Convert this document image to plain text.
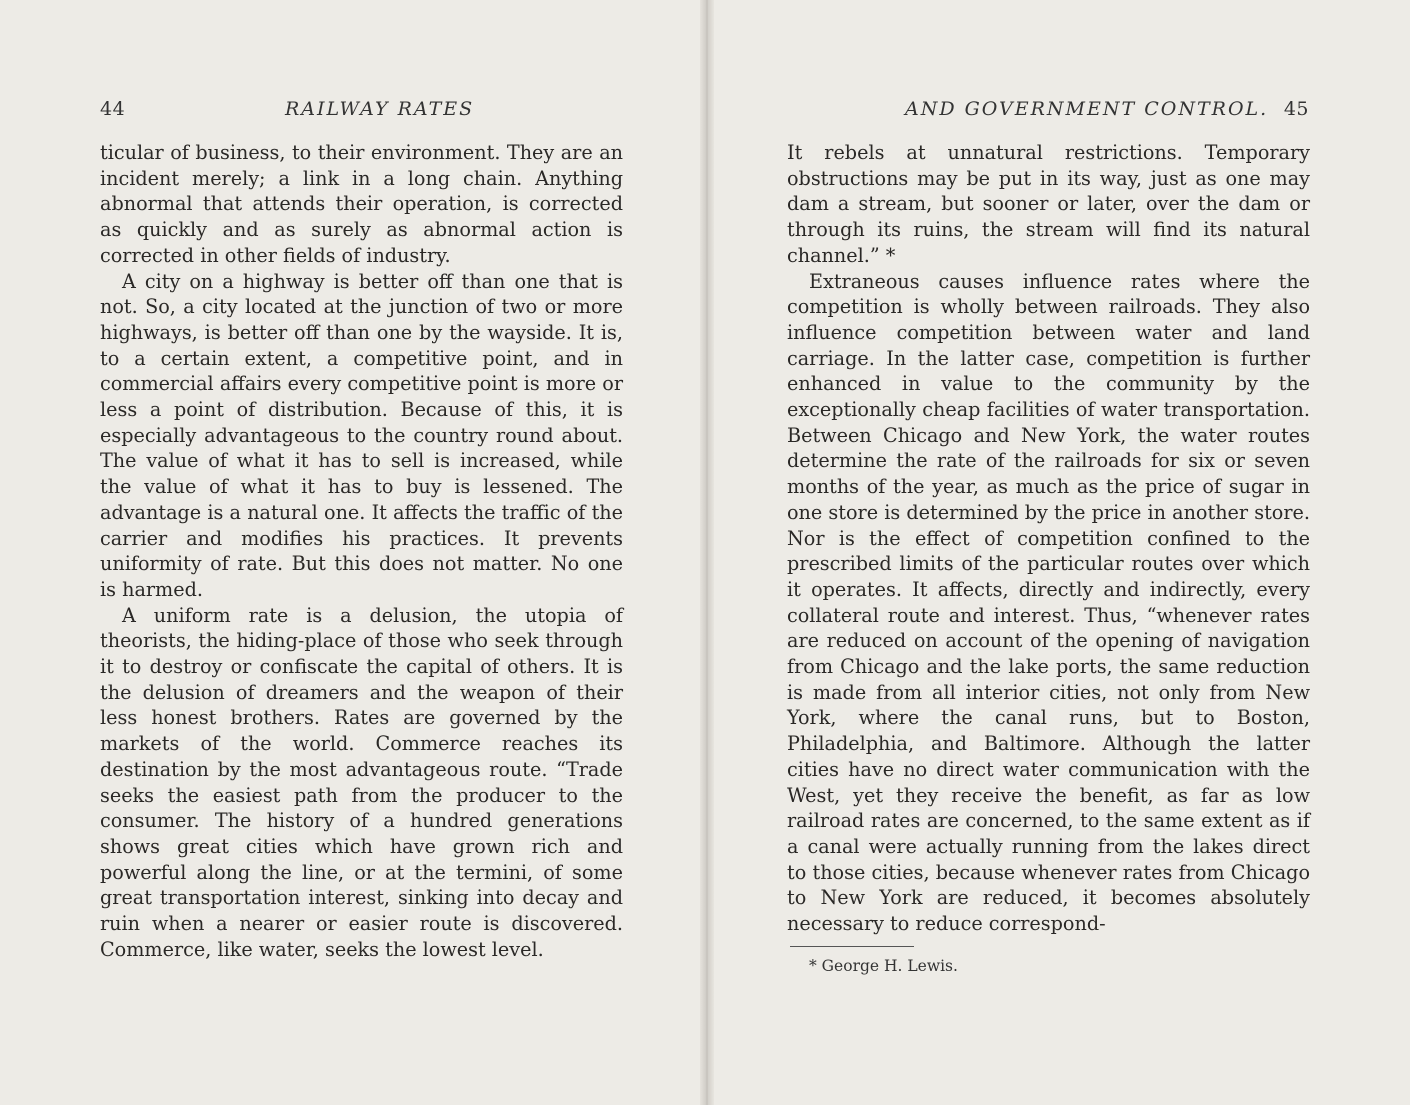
44	RAILWAY RATES

ticular of business, to their environment. They are an incident merely; a link in a long chain. Anything abnormal that attends their operation, is corrected as quickly and as surely as abnormal action is corrected in other fields of industry.

A city on a highway is better off than one that is not. So, a city located at the junction of two or more highways, is better off than one by the wayside. It is, to a certain extent, a competitive point, and in commercial affairs every competitive point is more or less a point of distribution. Because of this, it is especially advantageous to the country round about. The value of what it has to sell is increased, while the value of what it has to buy is lessened. The advantage is a natural one. It affects the traffic of the carrier and modifies his practices. It prevents uniformity of rate. But this does not matter. No one is harmed.

A uniform rate is a delusion, the utopia of theorists, the hiding-place of those who seek through it to destroy or confiscate the capital of others. It is the delusion of dreamers and the weapon of their less honest brothers. Rates are governed by the markets of the world. Commerce reaches its destination by the most advantageous route. “Trade seeks the easiest path from the producer to the consumer. The history of a hundred generations shows great cities which have grown rich and powerful along the line, or at the termini, of some great transportation interest, sinking into decay and ruin when a nearer or easier route is discovered. Commerce, like water, seeks the lowest level.

AND GOVERNMENT CONTROL. 45

It rebels at unnatural restrictions. Temporary obstructions may be put in its way, just as one may dam a stream, but sooner or later, over the dam or through its ruins, the stream will find its natural channel.” *

Extraneous causes influence rates where the competition is wholly between railroads. They also influence competition between water and land carriage. In the latter case, competition is further enhanced in value to the community by the exceptionally cheap facilities of water transportation. Between Chicago and New York, the water routes determine the rate of the railroads for six or seven months of the year, as much as the price of sugar in one store is determined by the price in another store. Nor is the effect of competition confined to the prescribed limits of the particular routes over which it operates. It affects, directly and indirectly, every collateral route and interest. Thus, “whenever rates are reduced on account of the opening of navigation from Chicago and the lake ports, the same reduction is made from all interior cities, not only from New York, where the canal runs, but to Boston, Philadelphia, and Baltimore. Although the latter cities have no direct water communication with the West, yet they receive the benefit, as far as low railroad rates are concerned, to the same extent as if a canal were actually running from the lakes direct to those cities, because whenever rates from Chicago to New York are reduced, it becomes absolutely necessary to reduce correspond-

* George H. Lewis.
